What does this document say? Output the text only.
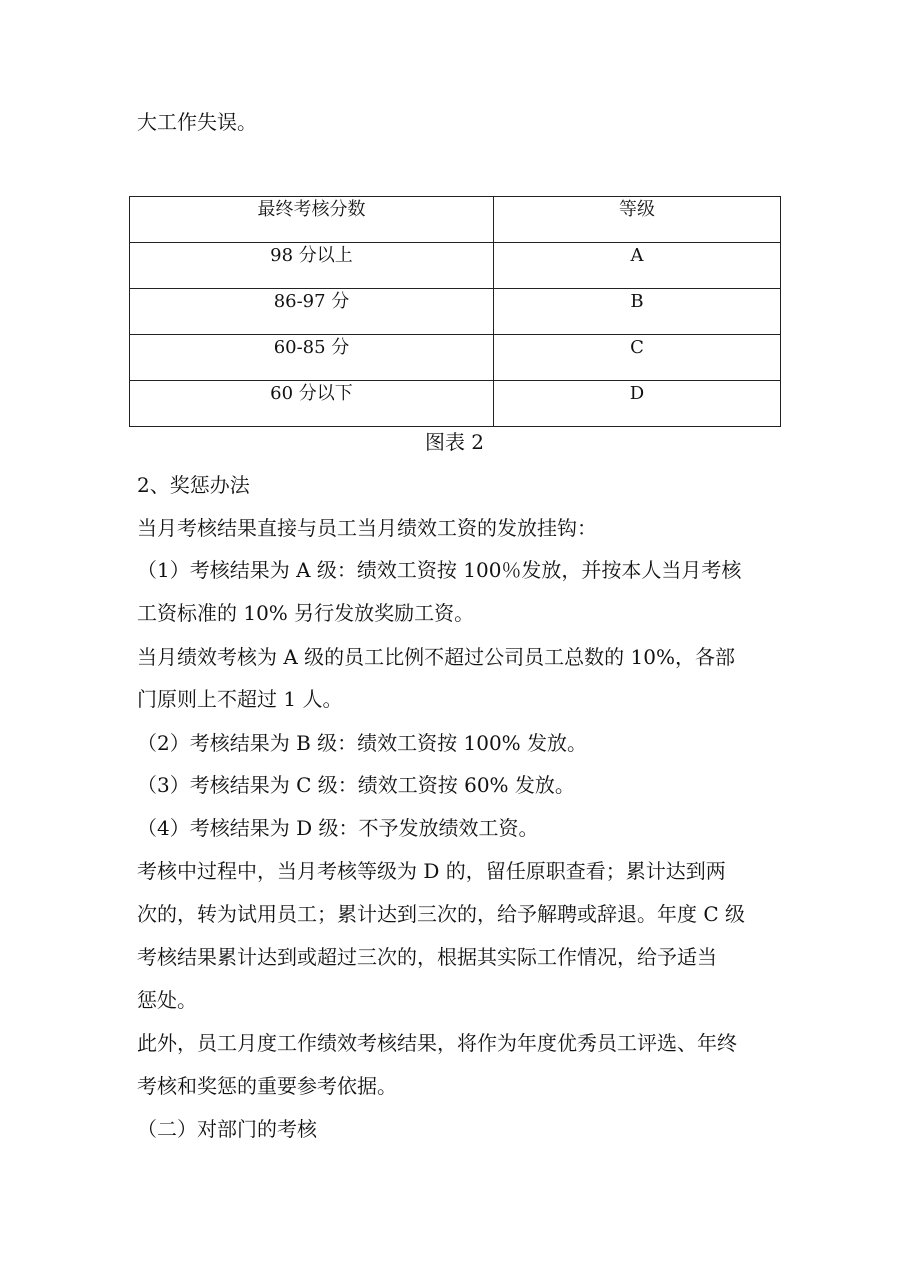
大工作失误。
最终考核分数	等级
98 分以上	A
86-97 分	B
60-85 分	C
60 分以下	D
图表 2
2、奖惩办法
当月考核结果直接与员工当月绩效工资的发放挂钩：
（1）考核结果为 A 级：绩效工资按 100％发放，并按本人当月考核
工资标准的 10% 另行发放奖励工资。
当月绩效考核为 A 级的员工比例不超过公司员工总数的 10%，各部
门原则上不超过 1 人。
（2）考核结果为 B 级：绩效工资按 100% 发放。
（3）考核结果为 C 级：绩效工资按 60% 发放。
（4）考核结果为 D 级：不予发放绩效工资。
考核中过程中，当月考核等级为 D 的，留任原职查看；累计达到两
次的，转为试用员工；累计达到三次的，给予解聘或辞退。年度 C 级
考核结果累计达到或超过三次的，根据其实际工作情况，给予适当
惩处。
此外，员工月度工作绩效考核结果，将作为年度优秀员工评选、年终
考核和奖惩的重要参考依据。
（二）对部门的考核
